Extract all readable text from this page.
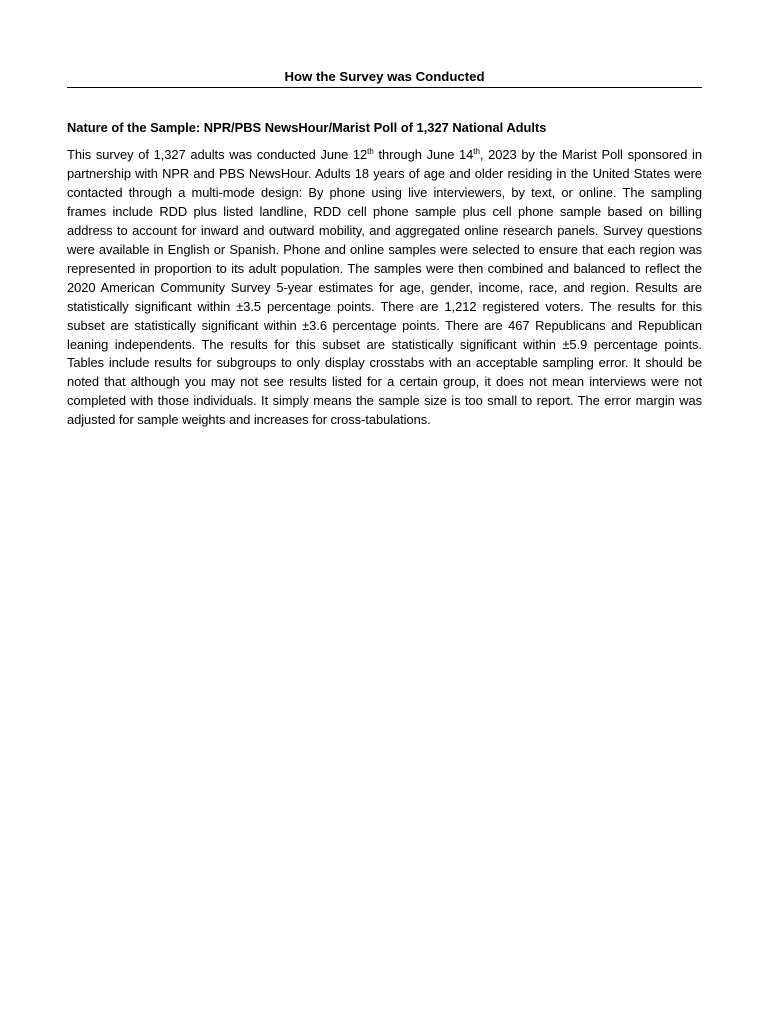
How the Survey was Conducted
Nature of the Sample: NPR/PBS NewsHour/Marist Poll of 1,327 National Adults

This survey of 1,327 adults was conducted June 12th through June 14th, 2023 by the Marist Poll sponsored in partnership with NPR and PBS NewsHour. Adults 18 years of age and older residing in the United States were contacted through a multi-mode design: By phone using live interviewers, by text, or online. The sampling frames include RDD plus listed landline, RDD cell phone sample plus cell phone sample based on billing address to account for inward and outward mobility, and aggregated online research panels. Survey questions were available in English or Spanish. Phone and online samples were selected to ensure that each region was represented in proportion to its adult population. The samples were then combined and balanced to reflect the 2020 American Community Survey 5-year estimates for age, gender, income, race, and region. Results are statistically significant within ±3.5 percentage points. There are 1,212 registered voters. The results for this subset are statistically significant within ±3.6 percentage points. There are 467 Republicans and Republican leaning independents. The results for this subset are statistically significant within ±5.9 percentage points. Tables include results for subgroups to only display crosstabs with an acceptable sampling error. It should be noted that although you may not see results listed for a certain group, it does not mean interviews were not completed with those individuals. It simply means the sample size is too small to report. The error margin was adjusted for sample weights and increases for cross-tabulations.
